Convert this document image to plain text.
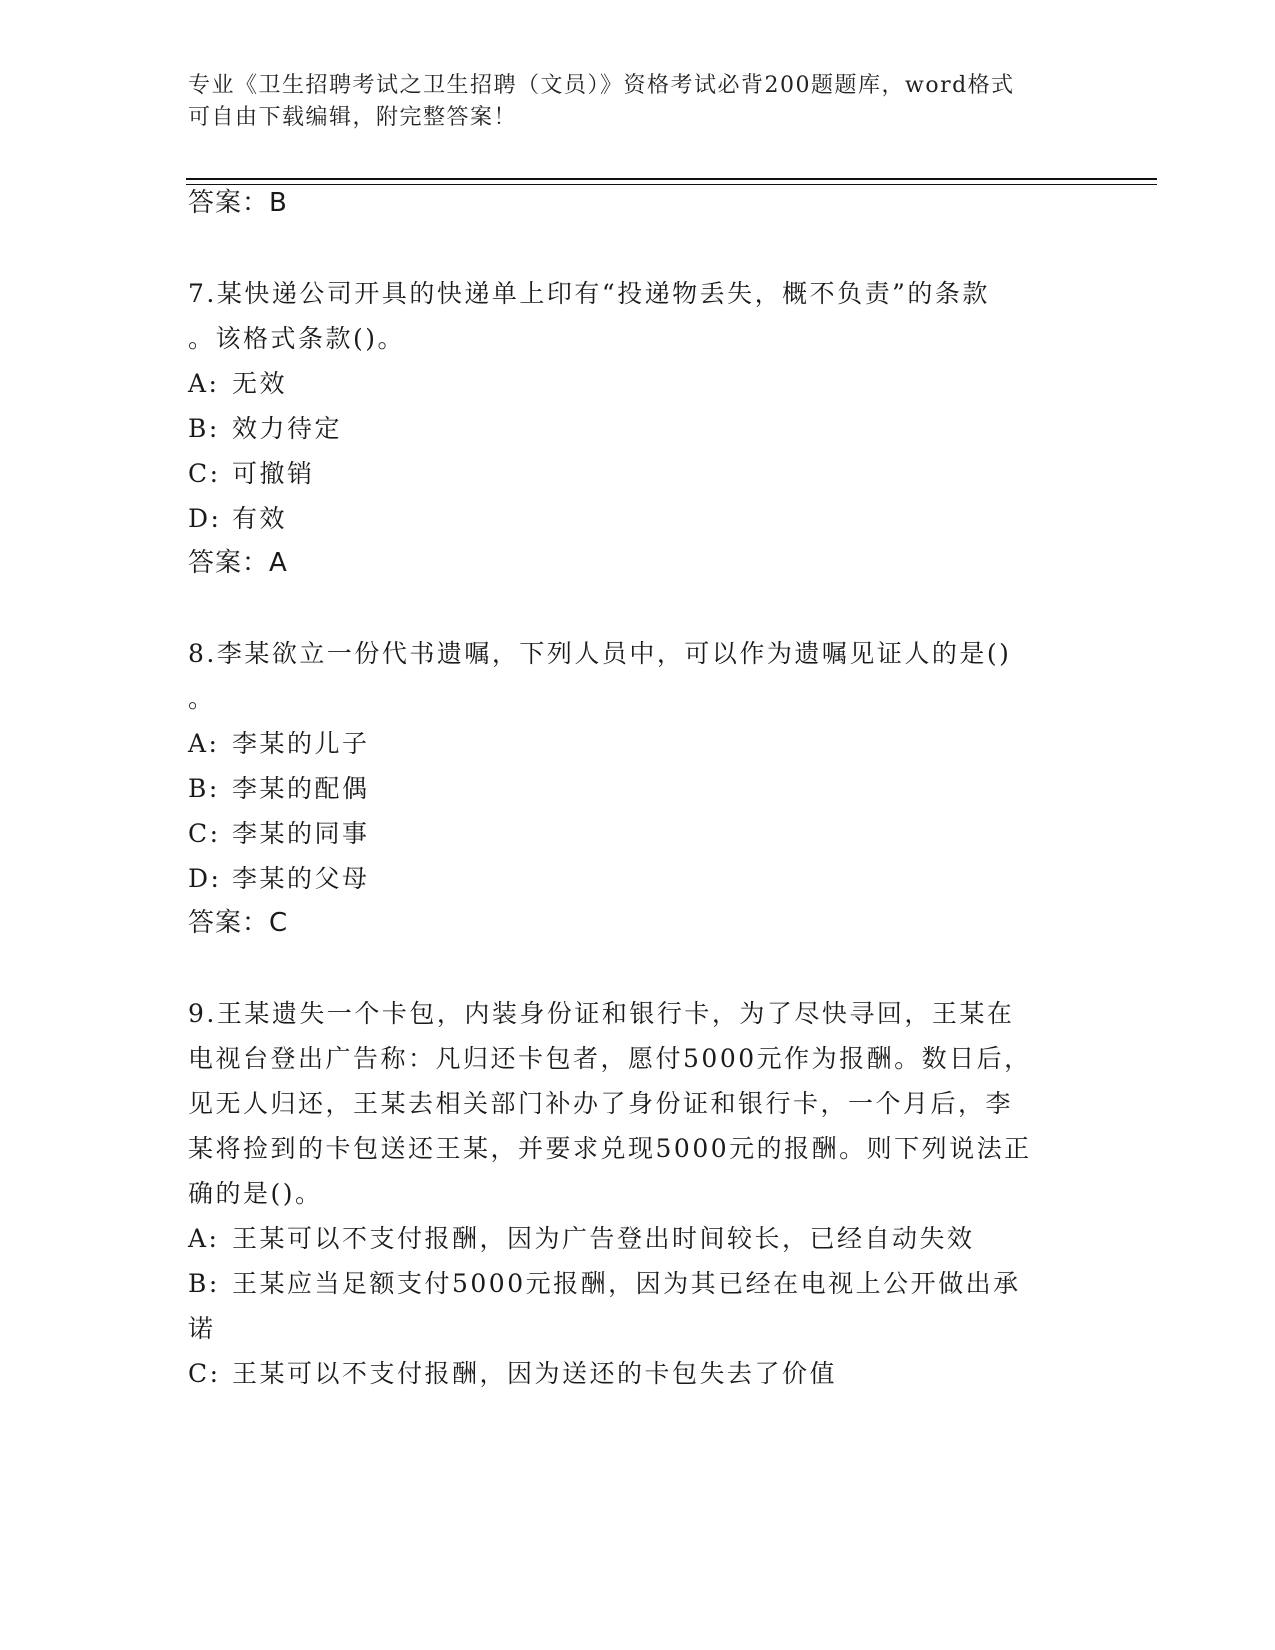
专业《卫生招聘考试之卫生招聘（文员）》资格考试必背200题题库，word格式
可自由下载编辑，附完整答案！
答案：B

7.某快递公司开具的快递单上印有“投递物丢失，概不负责”的条款

。该格式条款()。

A: 无效

B: 效力待定

C: 可撤销

D: 有效

答案：A

8.李某欲立一份代书遗嘱，下列人员中，可以作为遗嘱见证人的是()

。

A: 李某的儿子

B: 李某的配偶

C: 李某的同事

D: 李某的父母

答案：C

9.王某遗失一个卡包，内装身份证和银行卡，为了尽快寻回，王某在

电视台登出广告称：凡归还卡包者，愿付5000元作为报酬。数日后，

见无人归还，王某去相关部门补办了身份证和银行卡，一个月后，李

某将捡到的卡包送还王某，并要求兑现5000元的报酬。则下列说法正

确的是()。

A: 王某可以不支付报酬，因为广告登出时间较长，已经自动失效

B: 王某应当足额支付5000元报酬，因为其已经在电视上公开做出承

诺

C: 王某可以不支付报酬，因为送还的卡包失去了价值
